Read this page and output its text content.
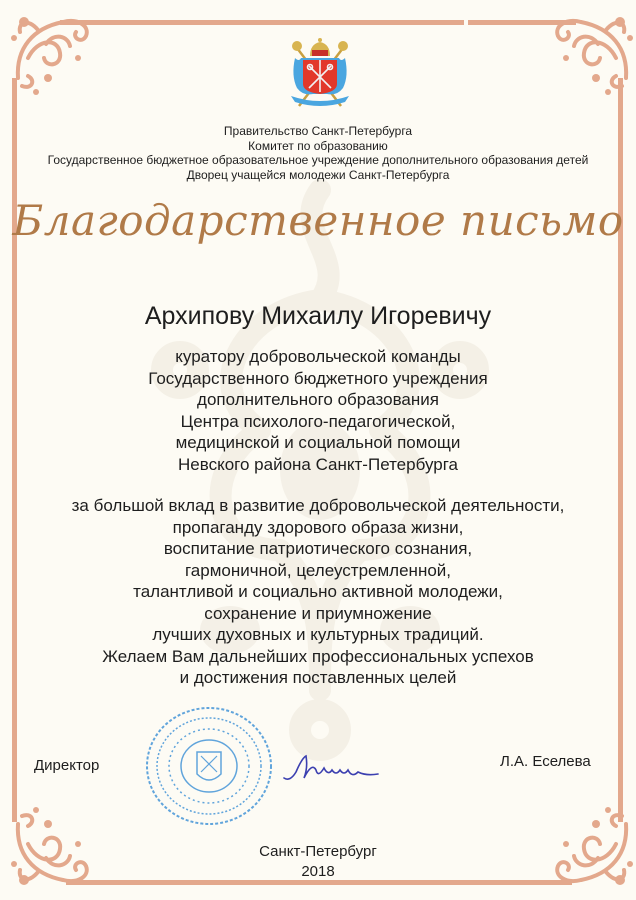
Правительство Санкт-Петербурга
Комитет по образованию
Государственное бюджетное образовательное учреждение дополнительного образования детей
Дворец учащейся молодежи Санкт-Петербурга
Благодарственное письмо
Архипову Михаилу Игоревичу
куратору добровольческой команды
Государственного бюджетного учреждения
дополнительного образования
Центра психолого-педагогической,
медицинской и социальной помощи
Невского района Санкт-Петербурга
за большой вклад в развитие добровольческой деятельности,
пропаганду здорового образа жизни,
воспитание патриотического сознания,
гармоничной, целеустремленной,
талантливой и социально активной молодежи,
сохранение и приумножение
лучших духовных и культурных традиций.
Желаем Вам дальнейших профессиональных успехов
и достижения поставленных целей
Директор	Л.А. Еселева
Санкт-Петербург
2018
